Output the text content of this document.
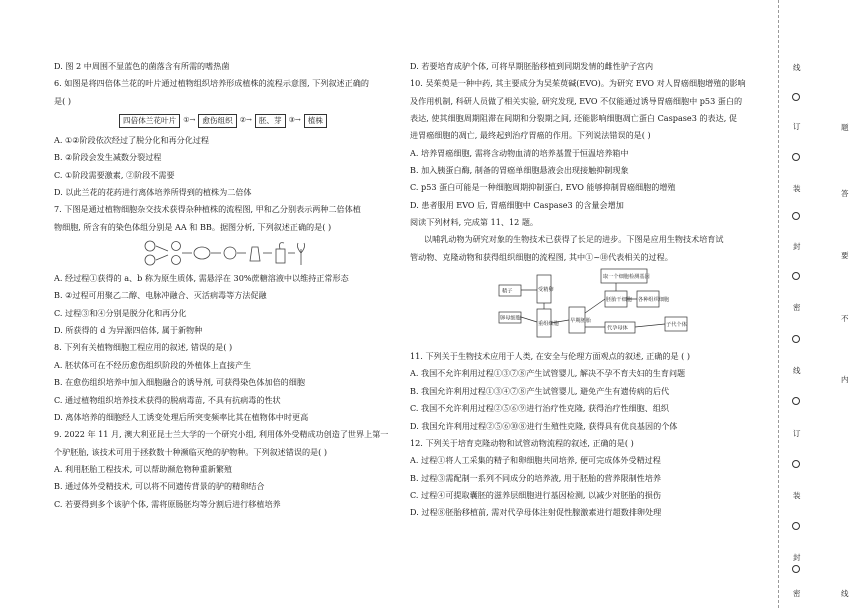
D. 图 2 中周围不显蓝色的菌落含有所需的嗜热菌
6. 如图是将四倍体兰花的叶片通过植物组织培养形成植株的流程示意图, 下列叙述正确的
是( )
四倍体兰花叶片	①→ 愈伤组织	②→ 胚、芽	③→ 植株
A. ①②阶段依次经过了脱分化和再分化过程
B. ②阶段会发生减数分裂过程
C. ①阶段需要激素, ②阶段不需要
D. 以此兰花的花药进行离体培养所得到的植株为二倍体
7. 下图是通过植物细胞杂交技术获得杂种植株的流程图, 甲和乙分别表示两种二倍体植
物细胞, 所含有的染色体组分别是 AA 和 BB。据图分析, 下列叙述正确的是( )
A. 经过程①获得的 a、b 称为原生质体, 需悬浮在 30%蔗糖溶液中以维持正常形态
B. ②过程可用聚乙二醇、电脉冲融合、灭活病毒等方法促融
C. 过程③和④分别是脱分化和再分化
D. 所获得的 d 为异源四倍体, 属于新物种
8. 下列有关植物细胞工程应用的叙述, 错误的是( )
A. 胚状体可在不经历愈伤组织阶段的外植体上直接产生
B. 在愈伤组织培养中加入细胞融合的诱导剂, 可获得染色体加倍的细胞
C. 通过植物组织培养技术获得的脱病毒苗, 不具有抗病毒的性状
D. 离体培养的细胞经人工诱变处理后所突变频率比其在植物体中时更高
9. 2022 年 11 月, 澳大利亚昆士兰大学的一个研究小组, 利用体外受精成功创造了世界上第一
个驴胚胎, 该技术可用于拯救数十种濒临灭绝的驴物种。下列叙述错误的是( )
A. 利用胚胎工程技术, 可以帮助濒危物种重新繁殖
B. 通过体外受精技术, 可以将不同遗传背景的驴的精卵结合
C. 若要得到多个该驴个体, 需将原肠胚均等分割后进行移植培养
D. 若要培育成驴个体, 可将早期胚胎移植到同期发情的雌性驴子宫内
10. 吴茱萸是一种中药, 其主要成分为吴茱萸碱(EVO)。为研究 EVO 对人胃癌细胞增殖的影响
及作用机制, 科研人员做了相关实验, 研究发现, EVO 不仅能通过诱导胃癌细胞中 p53 蛋白的
表达, 使其细胞周期阻滞在间期和分裂期之间, 还能影响细胞凋亡蛋白 Caspase3 的表达, 促
进胃癌细胞的凋亡, 最终起到治疗胃癌的作用。下列说法错误的是( )
A. 培养胃癌细胞, 需将含动物血清的培养基置于恒温培养箱中
B. 加入胰蛋白酶, 制备的胃癌单细胞悬液会出现接触抑制现象
C. p53 蛋白可能是一种细胞周期抑制蛋白, EVO 能够抑制胃癌细胞的增殖
D. 患者服用 EVO 后, 胃癌细胞中 Caspase3 的含量会增加
阅读下列材料, 完成第 11、12 题。
以哺乳动物为研究对象的生物技术已获得了长足的进步。下图是应用生物技术培育试
管动物、克隆动物和获得组织细胞的流程图, 其中①~⑩代表相关的过程。
精子
卵母细胞
受精卵
重组细胞 早期胚胎
取一个细胞检测基因
胚胎干细胞 各种组织细胞
子代个体
代孕母体
11. 下列关于生物技术应用于人类, 在安全与伦理方面观点的叙述, 正确的是 ( )
A. 我国不允许利用过程①③⑦⑧产生试管婴儿, 解决不孕不育夫妇的生育问题
B. 我国允许利用过程①③④⑦⑧产生试管婴儿, 避免产生有遗传病的后代
C. 我国不允许利用过程②⑤⑥⑨进行治疗性克隆, 获得治疗性细胞、组织
D. 我国允许利用过程②⑤⑥⑩⑧进行生殖性克隆, 获得具有优良基因的个体
12. 下列关于培育克隆动物和试管动物流程的叙述, 正确的是( )
A. 过程①将人工采集的精子和卵细胞共同培养, 便可完成体外受精过程
B. 过程③需配制一系列不同成分的培养液, 用于胚胎的营养限制性培养
C. 过程④可提取囊胚的滋养层细胞进行基因检测, 以减少对胚胎的损伤
D. 过程⑧胚胎移植前, 需对代孕母体注射促性腺激素进行超数排卵处理
线
订
装
封
密
线
订
装
封
密
题
答
要
不
内
线
